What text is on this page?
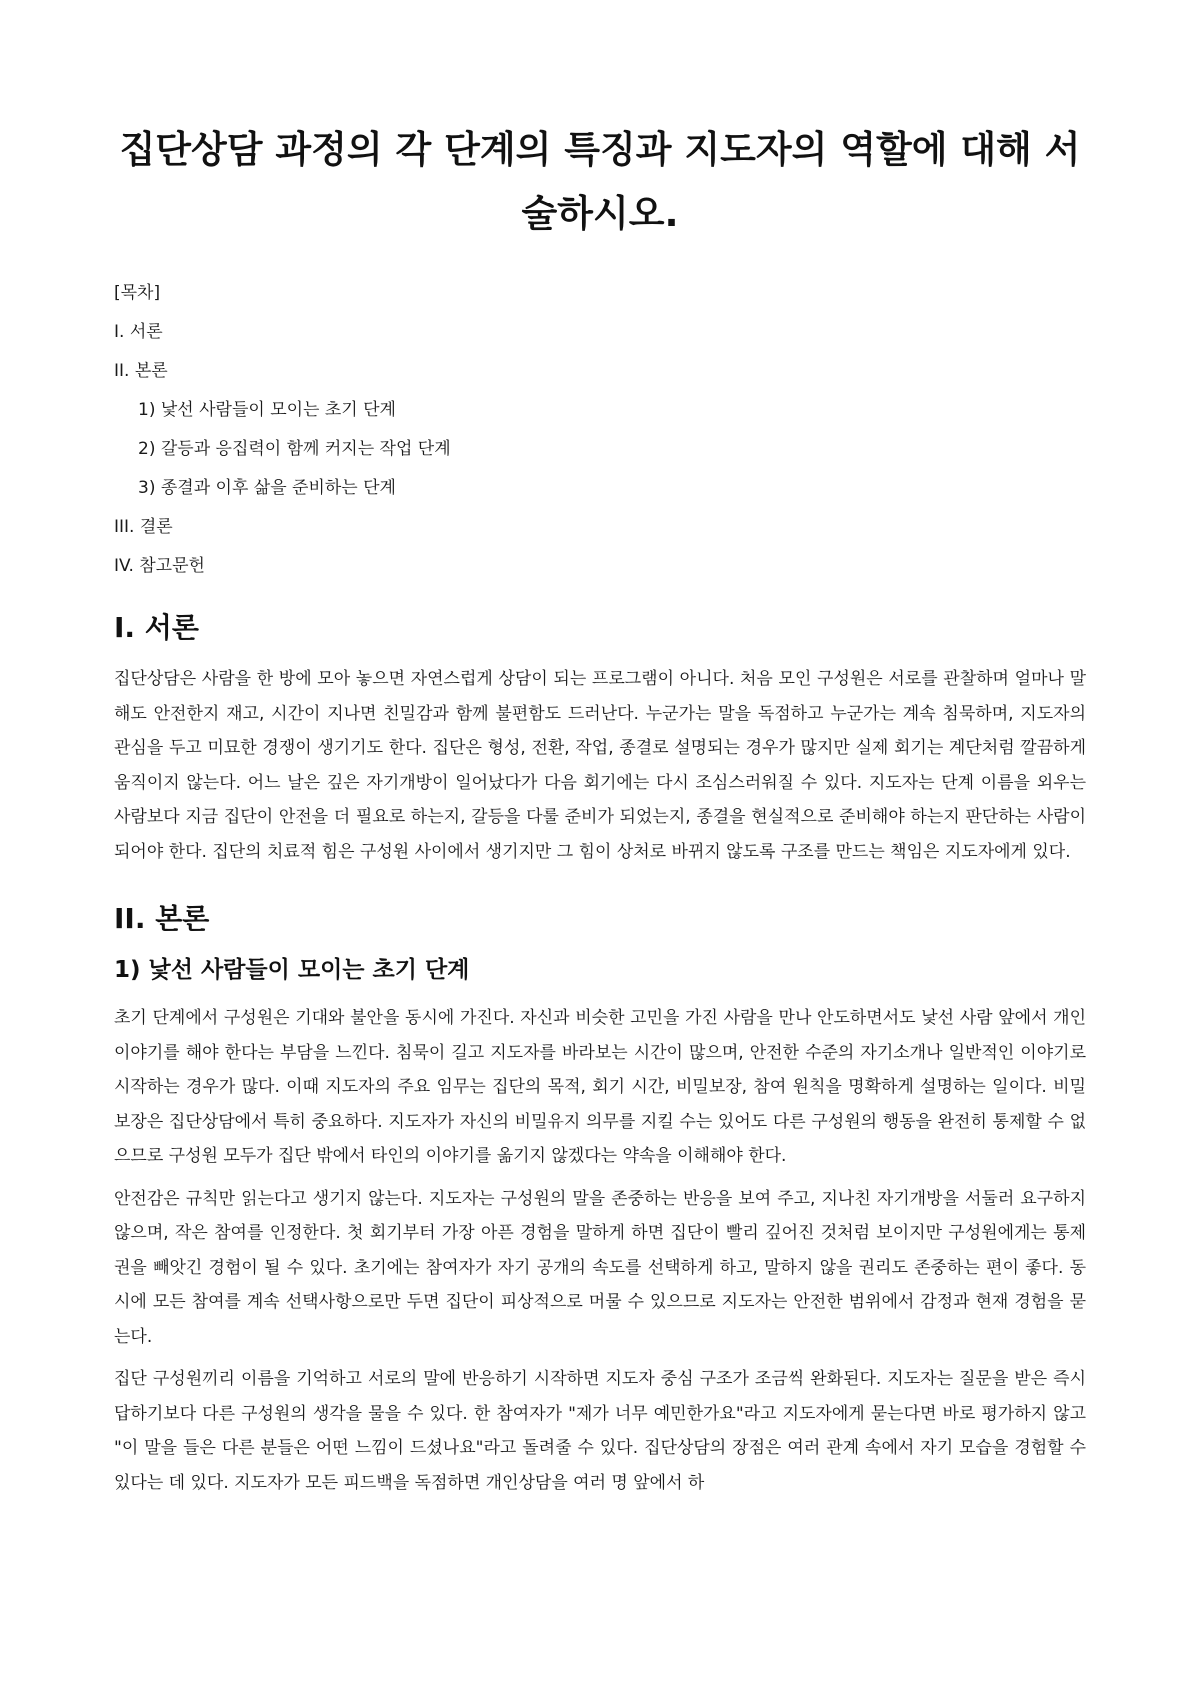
집단상담 과정의 각 단계의 특징과 지도자의 역할에 대해 서술하시오.
[목차]
I. 서론
II. 본론
1) 낯선 사람들이 모이는 초기 단계
2) 갈등과 응집력이 함께 커지는 작업 단계
3) 종결과 이후 삶을 준비하는 단계
III. 결론
IV. 참고문헌
I. 서론

집단상담은 사람을 한 방에 모아 놓으면 자연스럽게 상담이 되는 프로그램이 아니다. 처음 모인 구성원은 서로를 관찰하며 얼마나 말해도 안전한지 재고, 시간이 지나면 친밀감과 함께 불편함도 드러난다. 누군가는 말을 독점하고 누군가는 계속 침묵하며, 지도자의 관심을 두고 미묘한 경쟁이 생기기도 한다. 집단은 형성, 전환, 작업, 종결로 설명되는 경우가 많지만 실제 회기는 계단처럼 깔끔하게 움직이지 않는다. 어느 날은 깊은 자기개방이 일어났다가 다음 회기에는 다시 조심스러워질 수 있다. 지도자는 단계 이름을 외우는 사람보다 지금 집단이 안전을 더 필요로 하는지, 갈등을 다룰 준비가 되었는지, 종결을 현실적으로 준비해야 하는지 판단하는 사람이 되어야 한다. 집단의 치료적 힘은 구성원 사이에서 생기지만 그 힘이 상처로 바뀌지 않도록 구조를 만드는 책임은 지도자에게 있다.

II. 본론
1) 낯선 사람들이 모이는 초기 단계

초기 단계에서 구성원은 기대와 불안을 동시에 가진다. 자신과 비슷한 고민을 가진 사람을 만나 안도하면서도 낯선 사람 앞에서 개인 이야기를 해야 한다는 부담을 느낀다. 침묵이 길고 지도자를 바라보는 시간이 많으며, 안전한 수준의 자기소개나 일반적인 이야기로 시작하는 경우가 많다. 이때 지도자의 주요 임무는 집단의 목적, 회기 시간, 비밀보장, 참여 원칙을 명확하게 설명하는 일이다. 비밀보장은 집단상담에서 특히 중요하다. 지도자가 자신의 비밀유지 의무를 지킬 수는 있어도 다른 구성원의 행동을 완전히 통제할 수 없으므로 구성원 모두가 집단 밖에서 타인의 이야기를 옮기지 않겠다는 약속을 이해해야 한다.

안전감은 규칙만 읽는다고 생기지 않는다. 지도자는 구성원의 말을 존중하는 반응을 보여 주고, 지나친 자기개방을 서둘러 요구하지 않으며, 작은 참여를 인정한다. 첫 회기부터 가장 아픈 경험을 말하게 하면 집단이 빨리 깊어진 것처럼 보이지만 구성원에게는 통제권을 빼앗긴 경험이 될 수 있다. 초기에는 참여자가 자기 공개의 속도를 선택하게 하고, 말하지 않을 권리도 존중하는 편이 좋다. 동시에 모든 참여를 계속 선택사항으로만 두면 집단이 피상적으로 머물 수 있으므로 지도자는 안전한 범위에서 감정과 현재 경험을 묻는다.

집단 구성원끼리 이름을 기억하고 서로의 말에 반응하기 시작하면 지도자 중심 구조가 조금씩 완화된다. 지도자는 질문을 받은 즉시 답하기보다 다른 구성원의 생각을 물을 수 있다. 한 참여자가 "제가 너무 예민한가요"라고 지도자에게 묻는다면 바로 평가하지 않고 "이 말을 들은 다른 분들은 어떤 느낌이 드셨나요"라고 돌려줄 수 있다. 집단상담의 장점은 여러 관계 속에서 자기 모습을 경험할 수 있다는 데 있다. 지도자가 모든 피드백을 독점하면 개인상담을 여러 명 앞에서 하
